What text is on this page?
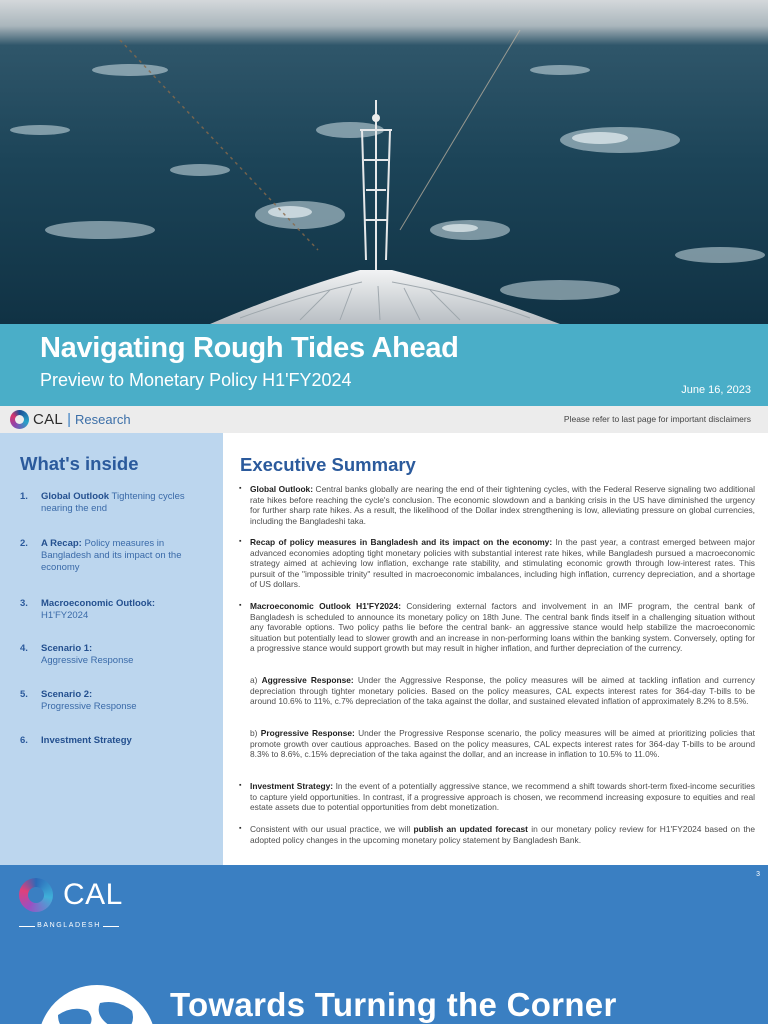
Navigating Rough Tides Ahead
Preview to Monetary Policy H1'FY2024	June 16, 2023
CAL | Research	Please refer to last page for important disclaimers
What's inside
1. Global Outlook Tightening cycles nearing the end
2. A Recap: Policy measures in Bangladesh and its impact on the economy
3. Macroeconomic Outlook:
H1'FY2024
4. Scenario 1:
Aggressive Response
5. Scenario 2:
Progressive Response
6. Investment Strategy
Executive Summary

▪ Global Outlook: Central banks globally are nearing the end of their tightening cycles, with the Federal Reserve signaling two additional rate hikes before reaching the cycle's conclusion. The economic slowdown and a banking crisis in the US have diminished the urgency for further sharp rate hikes. As a result, the likelihood of the Dollar index strengthening is low, alleviating pressure on global currencies, including the Bangladeshi taka.

▪ Recap of policy measures in Bangladesh and its impact on the economy: In the past year, a contrast emerged between major advanced economies adopting tight monetary policies with substantial interest rate hikes, while Bangladesh pursued a macroeconomic strategy aimed at achieving low inflation, exchange rate stability, and stimulating economic growth through low-interest rates. This pursuit of the "impossible trinity" resulted in macroeconomic imbalances, including high inflation, currency depreciation, and a shortage of US dollars.

▪ Macroeconomic Outlook H1'FY2024: Considering external factors and involvement in an IMF program, the central bank of Bangladesh is scheduled to announce its monetary policy on 18th June. The central bank finds itself in a challenging situation without any favorable options. Two policy paths lie before the central bank- an aggressive stance would help stabilize the macroeconomic situation but potentially lead to slower growth and an increase in non-performing loans within the banking system. Conversely, opting for a progressive stance would support growth but may result in higher inflation, and further depreciation of the currency.

a) Aggressive Response: Under the Aggressive Response, the policy measures will be aimed at tackling inflation and currency depreciation through tighter monetary policies. Based on the policy measures, CAL expects interest rates for 364-day T-bills to be around 10.6% to 11%, c.7% depreciation of the taka against the dollar, and sustained elevated inflation of approximately 8.2% to 8.5%.

b) Progressive Response: Under the Progressive Response scenario, the policy measures will be aimed at prioritizing policies that promote growth over cautious approaches. Based on the policy measures, CAL expects interest rates for 364-day T-bills to be around 8.3% to 8.6%, c.15% depreciation of the taka against the dollar, and an increase in inflation to 10.5% to 11.0%.

▪ Investment Strategy: In the event of a potentially aggressive stance, we recommend a shift towards short-term fixed-income securities to capture yield opportunities. In contrast, if a progressive approach is chosen, we recommend increasing exposure to equities and real estate assets due to potential opportunities from debt monetization.

▪ Consistent with our usual practice, we will publish an updated forecast in our monetary policy review for H1'FY2024 based on the adopted policy changes in the upcoming monetary policy statement by Bangladesh Bank.

3
CAL
BANGLADESH
Towards Turning the Corner
